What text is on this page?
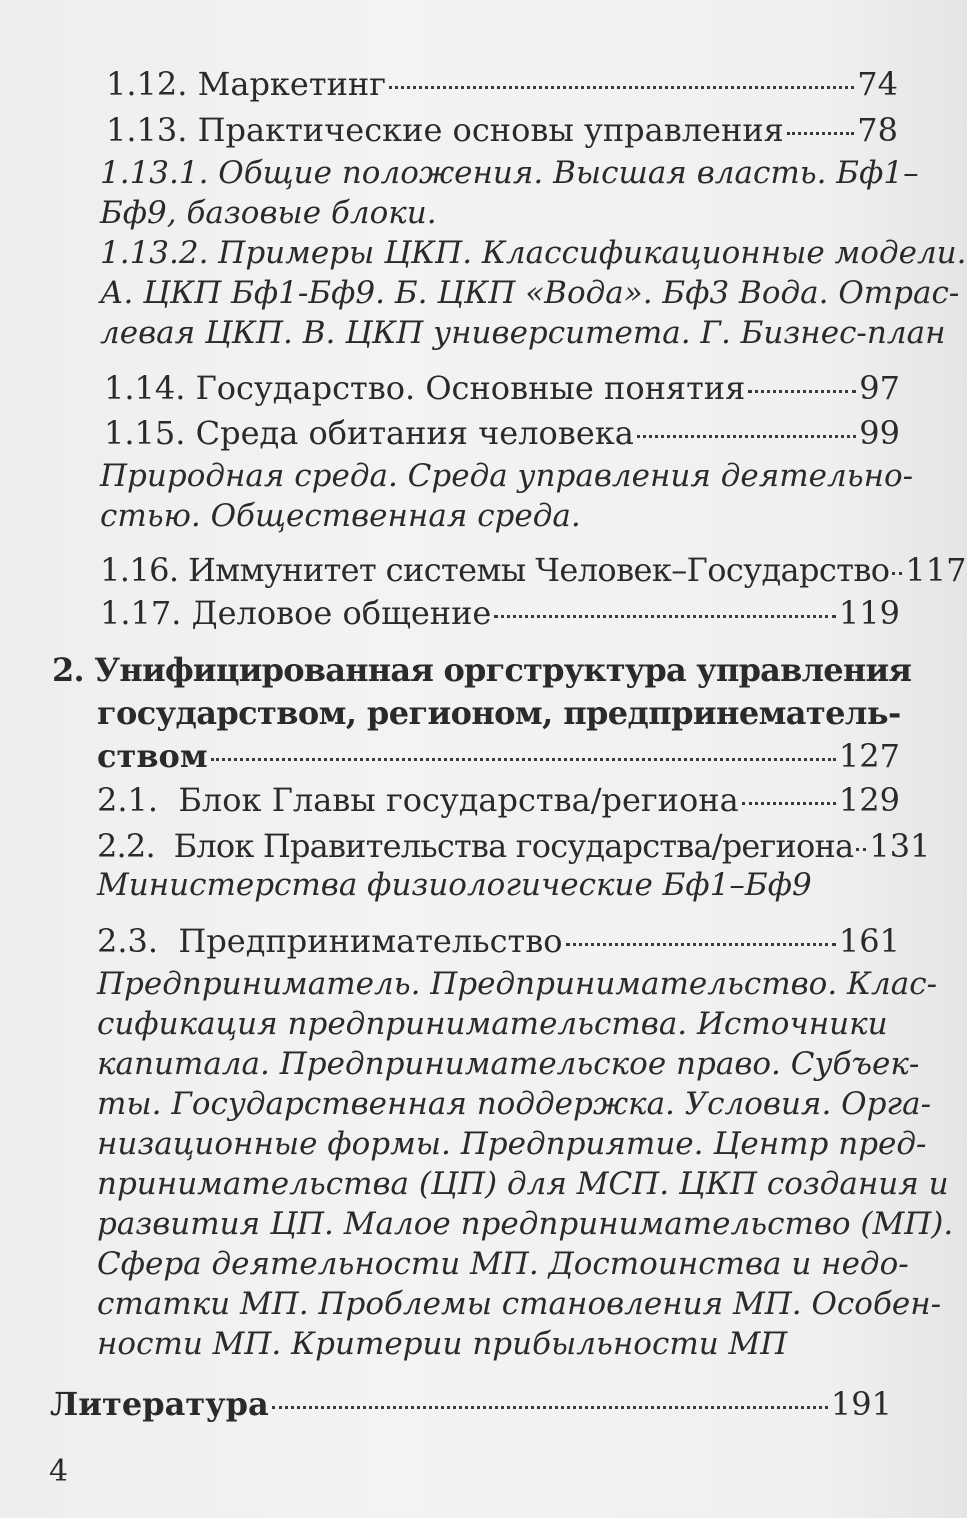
1.12. Маркетинг	74
1.13. Практические основы управления 78
1.13.1. Общие положения. Высшая власть. Бф1–
Бф9, базовые блоки.
1.13.2. Примеры ЦКП. Классификационные модели.
А. ЦКП Бф1-Бф9. Б. ЦКП «Вода». Бф3 Вода. Отрас-
левая ЦКП. В. ЦКП университета. Г. Бизнес-план
1.14. Государство. Основные понятия	97
1.15. Среда обитания человека	99
Природная среда. Среда управления деятельно-
стью. Общественная среда.
1.16. Иммунитет системы Человек–Государство 117
1.17. Деловое общение	119
2. Унифицированная оргструктура управления
государством, регионом, предпринематель-
ством	127
2.1.  Блок Главы государства/региона	129
2.2.  Блок Правительства государства/региона 131
Министерства физиологические Бф1–Бф9
2.3.  Предпринимательство	161
Предприниматель. Предпринимательство. Клас-
сификация предпринимательства. Источники
капитала. Предпринимательское право. Субъек-
ты. Государственная поддержка. Условия. Орга-
низационные формы. Предприятие. Центр пред-
принимательства (ЦП) для МСП. ЦКП создания и
развития ЦП. Малое предпринимательство (МП).
Сфера деятельности МП. Достоинства и недо-
статки МП. Проблемы становления МП. Особен-
ности МП. Критерии прибыльности МП
Литература	191
4
